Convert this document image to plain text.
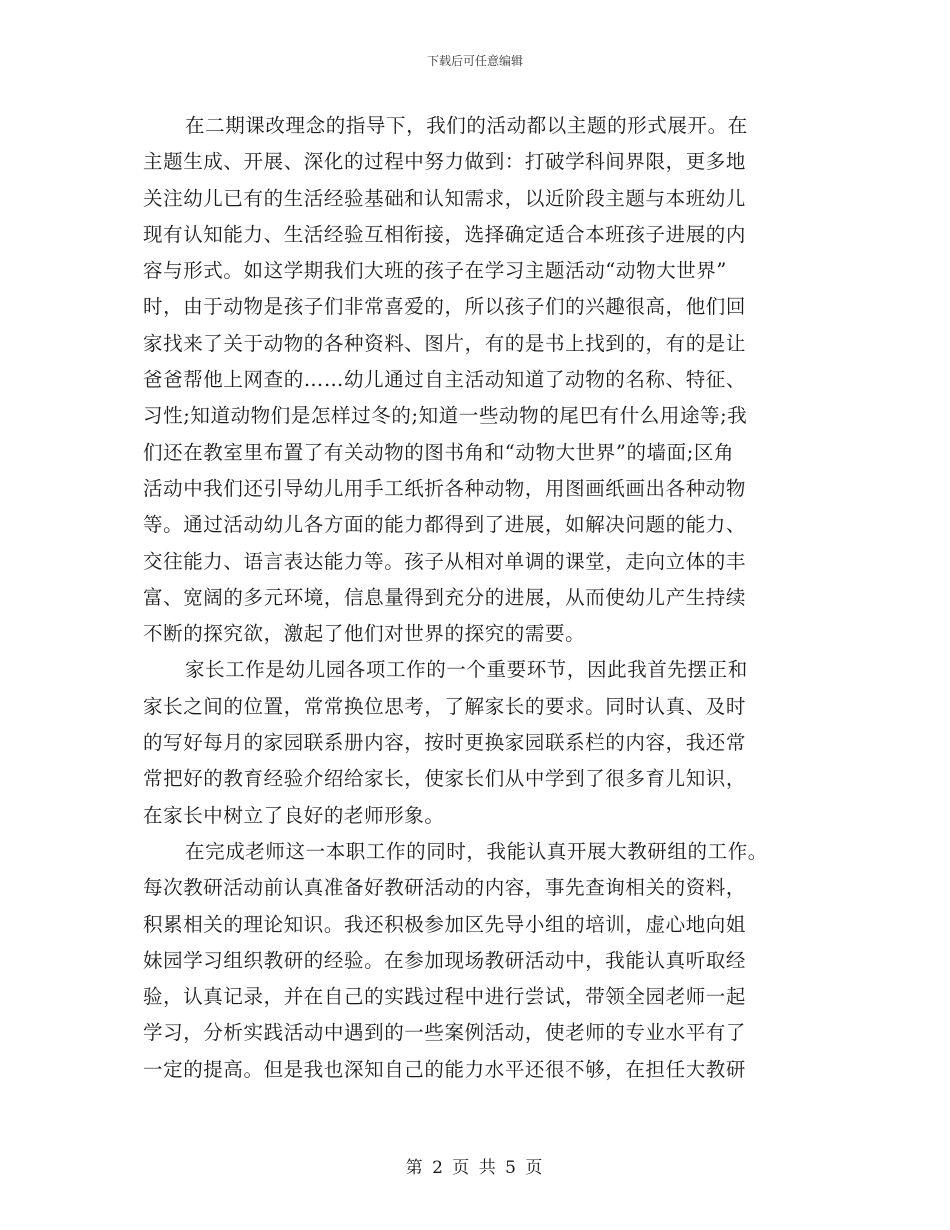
下载后可任意编辑
在二期课改理念的指导下，我们的活动都以主题的形式展开。在
主题生成、开展、深化的过程中努力做到：打破学科间界限，更多地
关注幼儿已有的生活经验基础和认知需求，以近阶段主题与本班幼儿
现有认知能力、生活经验互相衔接，选择确定适合本班孩子进展的内
容与形式。如这学期我们大班的孩子在学习主题活动“动物大世界”
时，由于动物是孩子们非常喜爱的，所以孩子们的兴趣很高，他们回
家找来了关于动物的各种资料、图片，有的是书上找到的，有的是让
爸爸帮他上网查的……幼儿通过自主活动知道了动物的名称、特征、
习性;知道动物们是怎样过冬的;知道一些动物的尾巴有什么用途等;我
们还在教室里布置了有关动物的图书角和“动物大世界”的墙面;区角
活动中我们还引导幼儿用手工纸折各种动物，用图画纸画出各种动物
等。通过活动幼儿各方面的能力都得到了进展，如解决问题的能力、
交往能力、语言表达能力等。孩子从相对单调的课堂，走向立体的丰
富、宽阔的多元环境，信息量得到充分的进展，从而使幼儿产生持续
不断的探究欲，激起了他们对世界的探究的需要。
家长工作是幼儿园各项工作的一个重要环节，因此我首先摆正和
家长之间的位置，常常换位思考，了解家长的要求。同时认真、及时
的写好每月的家园联系册内容，按时更换家园联系栏的内容，我还常
常把好的教育经验介绍给家长，使家长们从中学到了很多育儿知识，
在家长中树立了良好的老师形象。
在完成老师这一本职工作的同时，我能认真开展大教研组的工作。
每次教研活动前认真准备好教研活动的内容，事先查询相关的资料，
积累相关的理论知识。我还积极参加区先导小组的培训，虚心地向姐
妹园学习组织教研的经验。在参加现场教研活动中，我能认真听取经
验，认真记录，并在自己的实践过程中进行尝试，带领全园老师一起
学习，分析实践活动中遇到的一些案例活动，使老师的专业水平有了
一定的提高。但是我也深知自己的能力水平还很不够，在担任大教研
第 2 页 共 5 页
